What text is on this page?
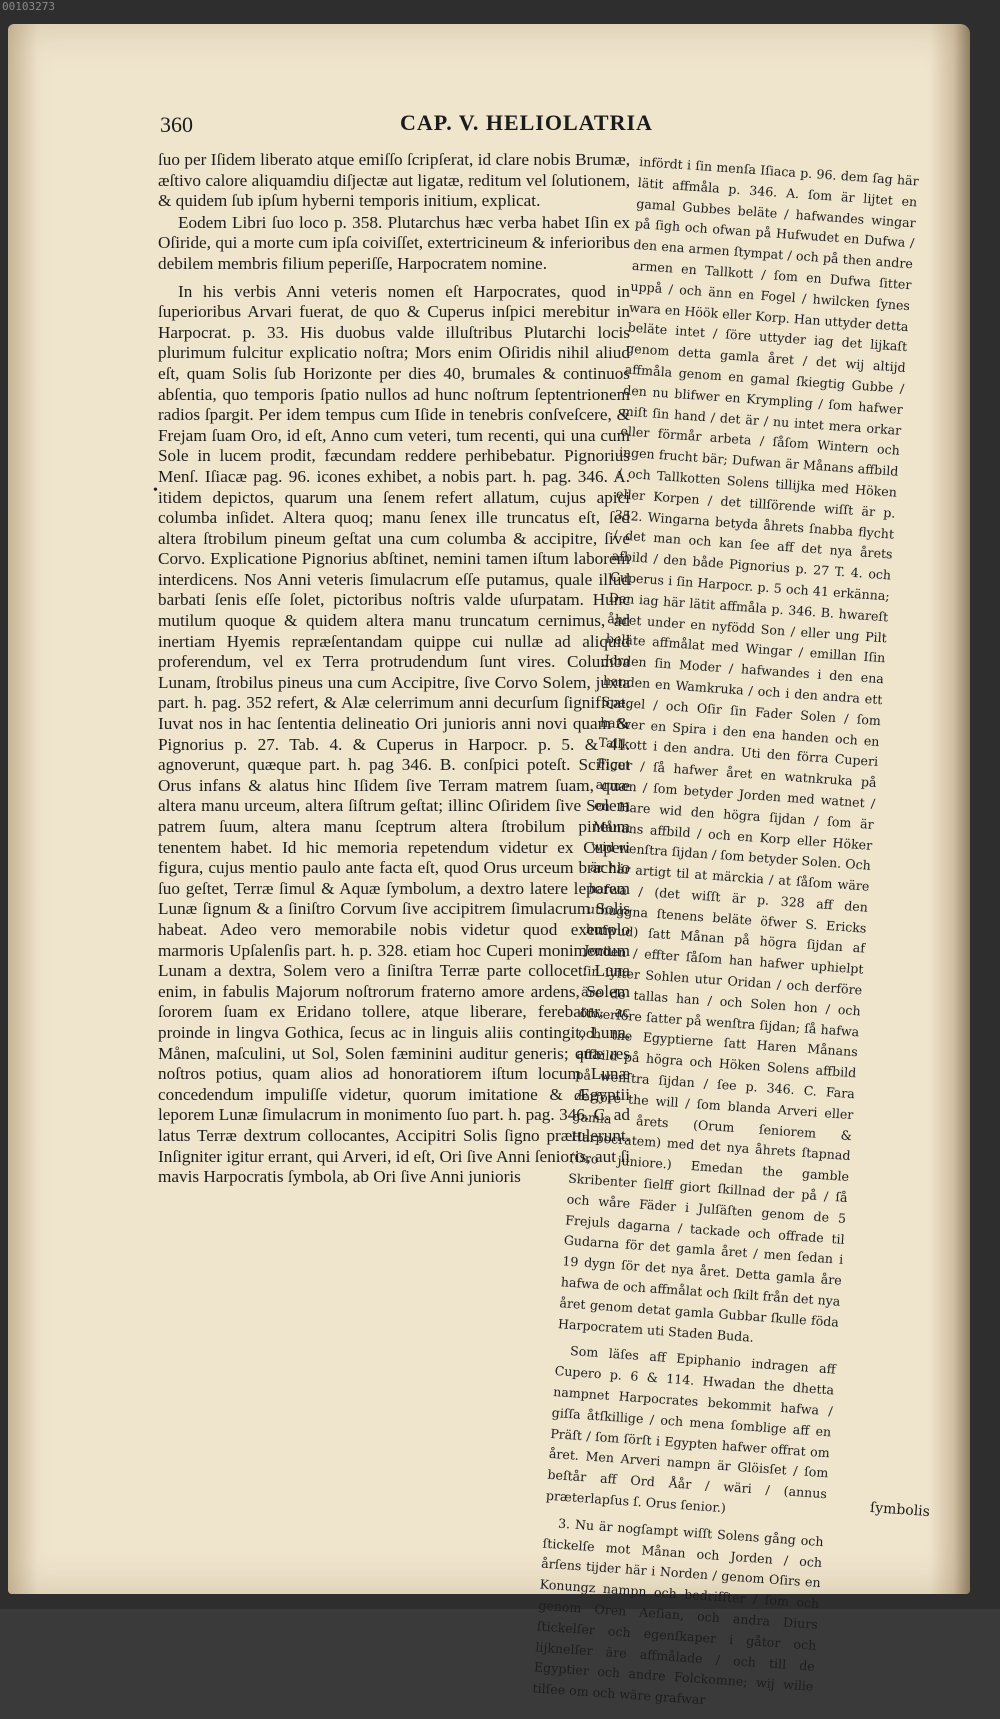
00103273
360	CAP. V. HELIOLATRIA

ſuo per Iſidem liberato atque emiſſo ſcripſerat, id clare nobis Brumæ, æſtivo calore aliquamdiu diſjectæ aut ligatæ, reditum vel ſolutionem, & quidem ſub ipſum hyberni temporis initium, explicat.

Eodem Libri ſuo loco p. 358. Plutarchus hæc verba habet Iſin ex Oſiride, qui a morte cum ipſa coiviſſet, extertricineum & inferioribus debilem membris filium peperiſſe, Harpocratem nomine.

In his verbis Anni veteris nomen eſt Harpocrates, quod in ſuperioribus Arvari fuerat, de quo & Cuperus inſpici merebitur in Harpocrat. p. 33. His duobus valde illuſtribus Plutarchi locis plurimum fulcitur explicatio noſtra; Mors enim Oſiridis nihil aliud eſt, quam Solis ſub Horizonte per dies 40, brumales & continuos abſentia, quo temporis ſpatio nullos ad hunc noſtrum ſeptentrionem radios ſpargit. Per idem tempus cum Iſide in tenebris conſveſcere, & Frejam ſuam Oro, id eſt, Anno cum veteri, tum recenti, qui una cum Sole in lucem prodit, fæcundam reddere perhibebatur. Pignorius Menſ. Iſiacæ pag. 96. icones exhibet, a nobis part. h. pag. 346. A. itidem depictos, quarum una ſenem refert allatum, cujus apici columba inſidet. Altera quoq; manu ſenex ille truncatus eſt, ſed altera ſtrobilum pineum geſtat una cum columba & accipitre, ſive Corvo. Explicatione Pignorius abſtinet, nemini tamen iſtum laborem interdicens. Nos Anni veteris ſimulacrum eſſe putamus, quale illud barbati ſenis eſſe ſolet, pictoribus noſtris valde uſurpatam. Hunc mutilum quoque & quidem altera manu truncatum cernimus, ad inertiam Hyemis repræſentandam quippe cui nullæ ad aliquid proferendum, vel ex Terra protrudendum ſunt vires. Columba Lunam, ſtrobilus pineus una cum Accipitre, ſive Corvo Solem, juxta part. h. pag. 352 refert, & Alæ celerrimum anni decurſum ſignificat. Iuvat nos in hac ſententia delineatio Ori junioris anni novi quam & Pignorius p. 27. Tab. 4. & Cuperus in Harpocr. p. 5. & 41. agnoverunt, quæque part. h. pag 346. B. conſpici poteſt. Scilicet Orus infans & alatus hinc Iſidem ſive Terram matrem ſuam, quæ altera manu urceum, altera ſiſtrum geſtat; illinc Oſiridem ſive Solem patrem ſuum, altera manu ſceptrum altera ſtrobilum pineum tenentem habet. Id hic memoria repetendum videtur ex Cuperi figura, cujus mentio paulo ante facta eſt, quod Orus urceum brachio ſuo geſtet, Terræ ſimul & Aquæ ſymbolum, a dextro latere leporem Lunæ ſignum & a ſiniſtro Corvum ſive accipitrem ſimulacrum Solis habeat. Adeo vero memorabile nobis videtur quod exemplo marmoris Upſalenſis part. h. p. 328. etiam hoc Cuperi monimentum Lunam a dextra, Solem vero a ſiniſtra Terræ parte collocet: Luna enim, in fabulis Majorum noſtrorum fraterno amore ardens, Solem ſororem ſuam ex Eridano tollere, atque liberare, ferebatur, ac proinde in lingva Gothica, ſecus ac in linguis aliis contingit, Luna, Månen, maſculini, ut Sol, Solen fæminini auditur generis; quæ res noſtros potius, quam alios ad honoratiorem iſtum locum Lunæ concedendum impuliſſe videtur, quorum imitatione & Ægyptii leporem Lunæ ſimulacrum in monimento ſuo part. h. pag. 346. C. ad latus Terræ dextrum collocantes, Accipitri Solis ſigno prætulerunt. Inſigniter igitur errant, qui Arveri, id eſt, Ori ſive Anni ſenioris, aut ſi mavis Harpocratis ſymbola, ab Ori ſive Anni junioris

•

infördt i ſin menſa Iſiaca p. 96. dem ſag här lätit affmåla p. 346. A. ſom är lijtet en gamal Gubbes beläte / hafwandes wingar på ſigh och ofwan på Hufwudet en Dufwa / den ena armen ſtympat / och på then andre armen en Tallkott / ſom en Dufwa ſitter uppå / och änn en Fogel / hwilcken ſynes wara en Höök eller Korp. Han uttyder detta beläte intet / ſöre uttyder iag det lijkaſt genom detta gamla året / det wij altijd affmåla genom en gamal ſkiegtig Gubbe / den nu blifwer en Krympling / ſom hafwer miſt ſin hand / det är / nu intet mera orkar eller förmår arbeta / ſåſom Wintern och ingen frucht bär; Dufwan är Månans affbild / och Tallkotten Solens tillijka med Höken eller Korpen / det tillſörende wiſſt är p. 352. Wingarna betyda åhrets ſnabba flycht / det man och kan ſee aff det nya årets afbild / den både Pignorius p. 27 T. 4. och Cuperus i ſin Harpocr. p. 5 och 41 erkänna; Den iag här lätit affmåla p. 346. B. hwareſt åhret under en nyfödd Son / eller ung Pilt beläte affmålat med Wingar / emillan Iſin Jorden ſin Moder / hafwandes i den ena handen en Wamkruka / och i den andra ett Spegel / och Oſir ſin Fader Solen / ſom hafwer en Spira i den ena handen och en Tallkott i den andra. Uti den förra Cuperi Figur / ſå hafwer året en watnkruka på armen / ſom betyder Jorden med watnet / en Hare wid den högra ſijdan / ſom är Månans affbild / och en Korp eller Höker wid wenſtra ſijdan / ſom betyder Solen. Och är här artigt til at märckia / at ſåſom wäre hafwa / (det wiſſt är p. 328 aff den uthuggna ſtenens beläte öfwer S. Ericks hufwud) ſatt Månan på högra ſijdan af Jorden / effter ſåſom han hafwer uphielpt ſin ſyſter Sohlen utur Oridan / och derföre äre de tallas han / och Solen hon / och öfwerföre ſatter på wenſtra ſijdan; ſå hafwa och the Egyptierne ſatt Haren Månans affbild på högra och Höken Solens affbild på wenſtra ſijdan / ſee p. 346. C. Fara derföre the will / ſom blanda Arveri eller gamla årets (Orum ſeniorem & Harpocratem) med det nya åhrets ſtapnad (Oro juniore.) Emedan the gamble Skribenter ſielff giort ſkillnad der på / ſå och wåre Fäder i Julſäſten genom de 5 Frejuls dagarna / tackade och offrade til Gudarna för det gamla året / men ſedan i 19 dygn ſör det nya året. Detta gamla åre hafwa de och affmålat och ſkilt från det nya året genom detat gamla Gubbar ſkulle föda Harpocratem uti Staden Buda.

Som läſes aff Epiphanio indragen aff Cupero p. 6 & 114. Hwadan the dhetta nampnet Harpocrates bekommit hafwa / giſſa åtſkillige / och mena ſomblige aff en Präſt / ſom ſörſt i Egypten hafwer offrat om året. Men Arveri nampn är Glöisſet / ſom beſtår aff Ord Åår / wäri / (annus præterlapſus ſ. Orus ſenior.)

3. Nu är nogſampt wiſſt Solens gång och ſtickelſe mot Månan och Jorden / och årſens tijder här i Norden / genom Oſirs en Konungz nampn och bedrifſter / ſom och genom Oren Aeſian, och andra Diurs ſtickelſer och egenſkaper i gåtor och lijknelſer äre affmålade / och till de Egyptier och andre Folckomne; wij wilie tilſee om och wäre grafwar

ſymbolis
